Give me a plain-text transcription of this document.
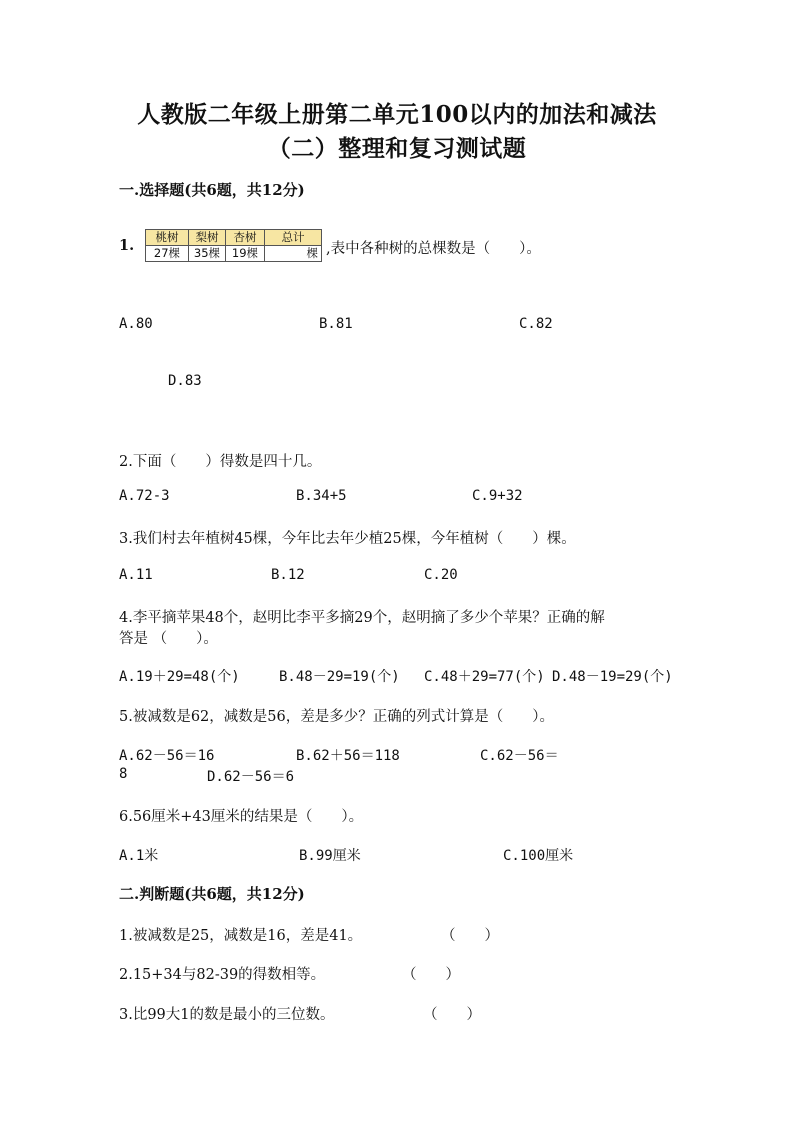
人教版二年级上册第二单元100以内的加法和减法
（二）整理和复习测试题
一.选择题(共6题，共12分)
1. 桃树	梨树	杏树	总计
27棵	35棵	19棵	棵 ,表中各种树的总棵数是（　　）。
A.80	B.81	C.82
D.83
2.下面（　　）得数是四十几。
A.72-3	B.34+5	C.9+32
3.我们村去年植树45棵，今年比去年少植25棵，今年植树（　　）棵。
A.11	B.12	C.20
4.李平摘苹果48个，赵明比李平多摘29个，赵明摘了多少个苹果？正确的解
答是 （　　）。
A.19＋29=48(个)	B.48－29=19(个) C.48＋29=77(个) D.48－19=29(个)
5.被减数是62，减数是56，差是多少？正确的列式计算是（　　）。
A.62－56＝16	B.62＋56＝118	C.62－56＝
8	D.62－56＝6
6.56厘米+43厘米的结果是（　　）。
A.1米	B.99厘米	C.100厘米
二.判断题(共6题，共12分)
1.被减数是25，减数是16，差是41。	（　　）
2.15+34与82-39的得数相等。	（　　）
3.比99大1的数是最小的三位数。	（　　）
